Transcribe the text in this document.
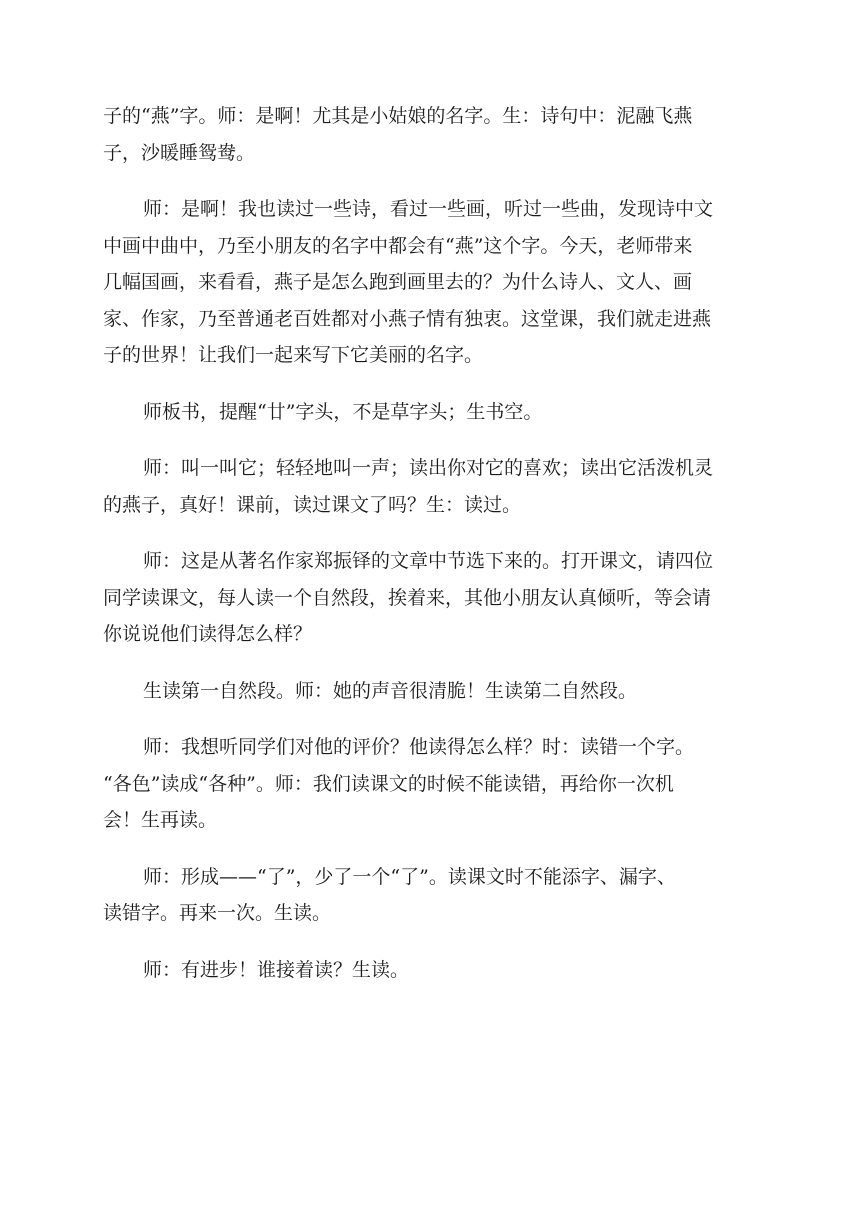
子的“燕”字。师：是啊！尤其是小姑娘的名字。生：诗句中：泥融飞燕
子，沙暖睡鸳鸯。
师：是啊！我也读过一些诗，看过一些画，听过一些曲，发现诗中文
中画中曲中，乃至小朋友的名字中都会有“燕”这个字。今天，老师带来
几幅国画，来看看，燕子是怎么跑到画里去的？为什么诗人、文人、画
家、作家，乃至普通老百姓都对小燕子情有独衷。这堂课，我们就走进燕
子的世界！让我们一起来写下它美丽的名字。
师板书，提醒“廿”字头，不是草字头；生书空。
师：叫一叫它；轻轻地叫一声；读出你对它的喜欢；读出它活泼机灵
的燕子，真好！课前，读过课文了吗？生：读过。
师：这是从著名作家郑振铎的文章中节选下来的。打开课文，请四位
同学读课文，每人读一个自然段，挨着来，其他小朋友认真倾听，等会请
你说说他们读得怎么样？
生读第一自然段。师：她的声音很清脆！生读第二自然段。
师：我想听同学们对他的评价？他读得怎么样？时：读错一个字。
“各色”读成“各种”。师：我们读课文的时候不能读错，再给你一次机
会！生再读。
师：形成——“了”，少了一个“了”。读课文时不能添字、漏字、
读错字。再来一次。生读。
师：有进步！谁接着读？生读。
